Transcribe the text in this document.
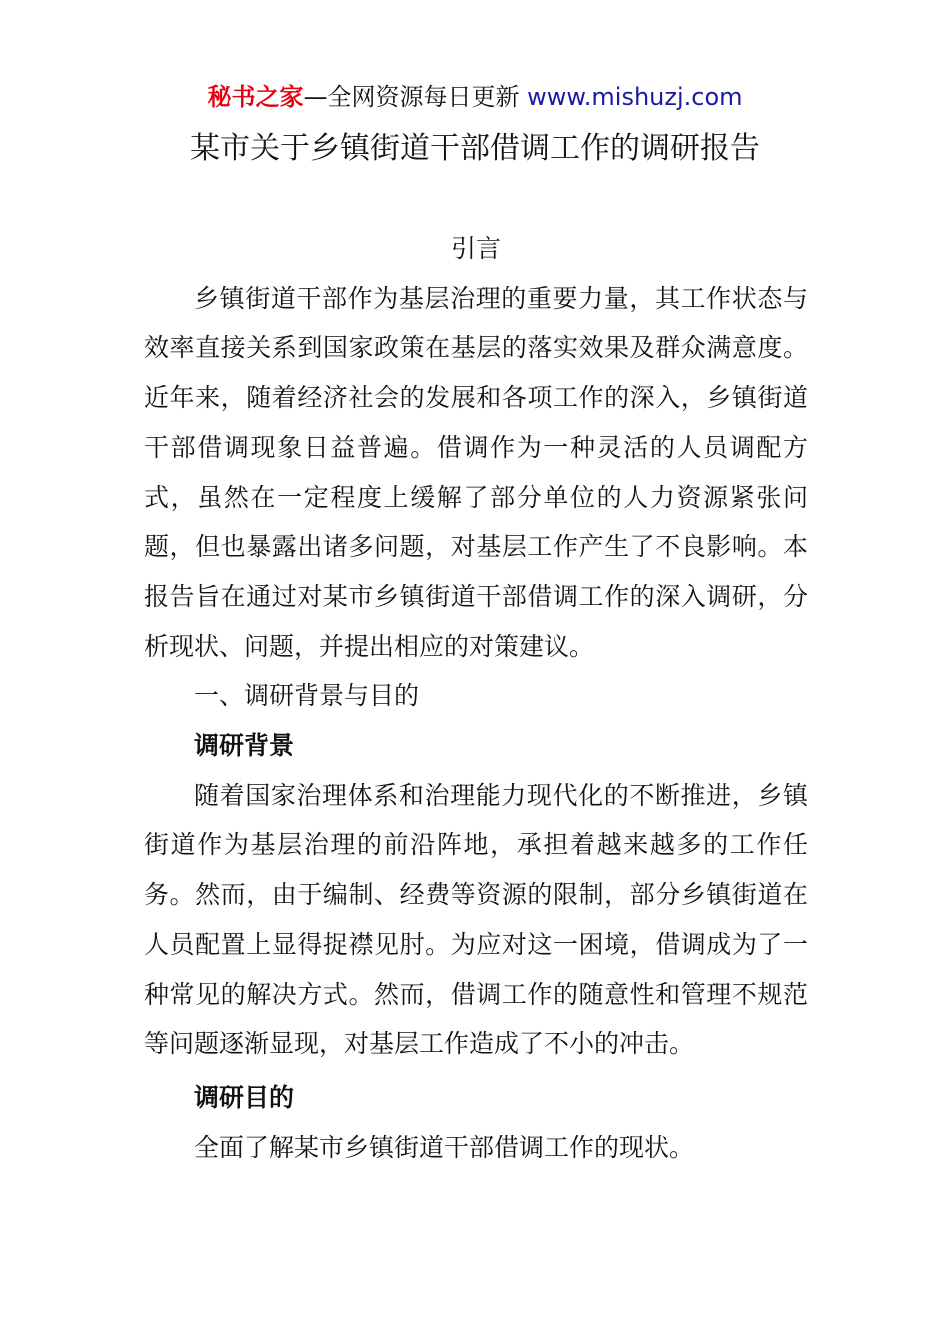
秘书之家—全网资源每日更新 www.mishuzj.com
某市关于乡镇街道干部借调工作的调研报告

引言

乡镇街道干部作为基层治理的重要力量，其工作状态与效率直接关系到国家政策在基层的落实效果及群众满意度。近年来，随着经济社会的发展和各项工作的深入，乡镇街道干部借调现象日益普遍。借调作为一种灵活的人员调配方式，虽然在一定程度上缓解了部分单位的人力资源紧张问题，但也暴露出诸多问题，对基层工作产生了不良影响。本报告旨在通过对某市乡镇街道干部借调工作的深入调研，分析现状、问题，并提出相应的对策建议。

一、调研背景与目的

调研背景

随着国家治理体系和治理能力现代化的不断推进，乡镇街道作为基层治理的前沿阵地，承担着越来越多的工作任务。然而，由于编制、经费等资源的限制，部分乡镇街道在人员配置上显得捉襟见肘。为应对这一困境，借调成为了一种常见的解决方式。然而，借调工作的随意性和管理不规范等问题逐渐显现，对基层工作造成了不小的冲击。

调研目的

全面了解某市乡镇街道干部借调工作的现状。
